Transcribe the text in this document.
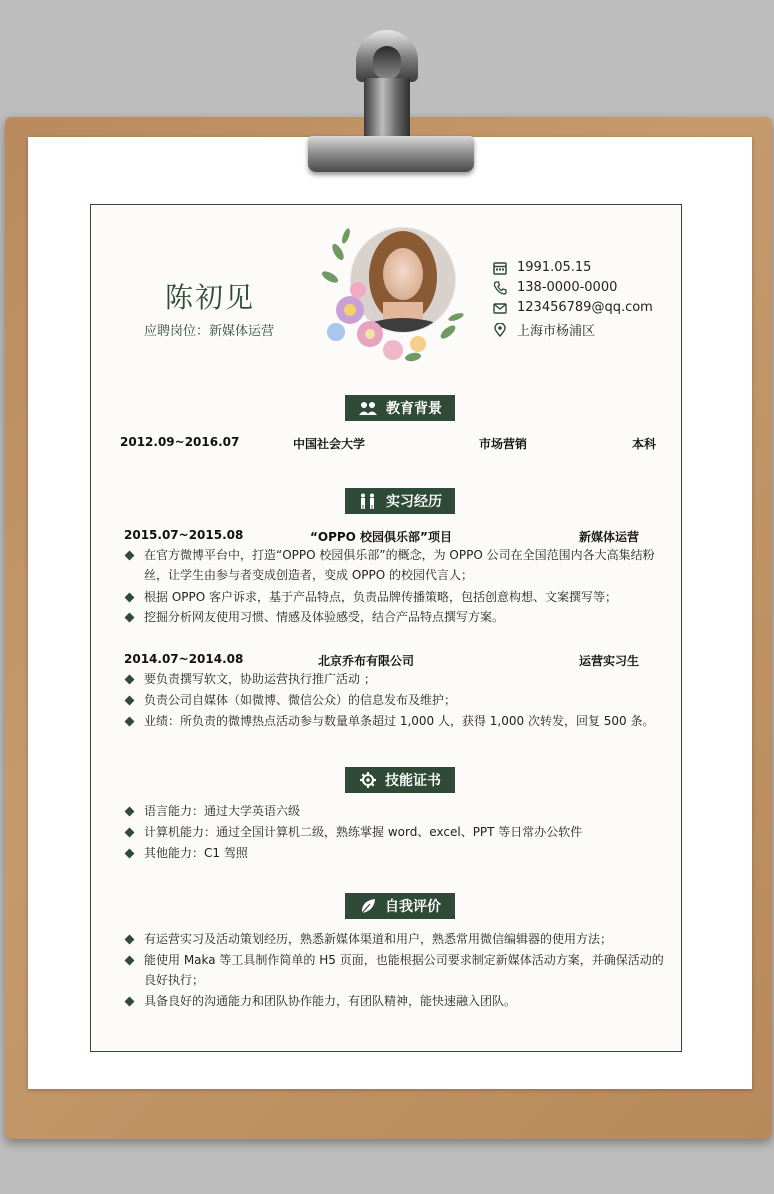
陈初见
应聘岗位：新媒体运营
1991.05.15
138-0000-0000
123456789@qq.com
上海市杨浦区
教育背景
2012.09~2016.07	中国社会大学	市场营销	本科
实习经历
2015.07~2015.08	“OPPO 校园俱乐部”项目	新媒体运营
在官方微博平台中，打造“OPPO 校园俱乐部”的概念，为 OPPO 公司在全国范围内各大高集结粉丝，让学生由参与者变成创造者，变成 OPPO 的校园代言人；
根据 OPPO 客户诉求，基于产品特点，负责品牌传播策略，包括创意构想、文案撰写等；
挖掘分析网友使用习惯、情感及体验感受，结合产品特点撰写方案。
2014.07~2014.08	北京乔布有限公司	运营实习生
要负责撰写软文，协助运营执行推广活动 ；
负责公司自媒体（如微博、微信公众）的信息发布及维护；
业绩：所负责的微博热点活动参与数量单条超过 1,000 人，获得 1,000 次转发，回复 500 条。
技能证书
语言能力：通过大学英语六级
计算机能力：通过全国计算机二级，熟练掌握 word、excel、PPT 等日常办公软件
其他能力：C1 驾照
自我评价
有运营实习及活动策划经历，熟悉新媒体渠道和用户，熟悉常用微信编辑器的使用方法；
能使用 Maka 等工具制作简单的 H5 页面，也能根据公司要求制定新媒体活动方案，并确保活动的良好执行；
具备良好的沟通能力和团队协作能力，有团队精神，能快速融入团队。
